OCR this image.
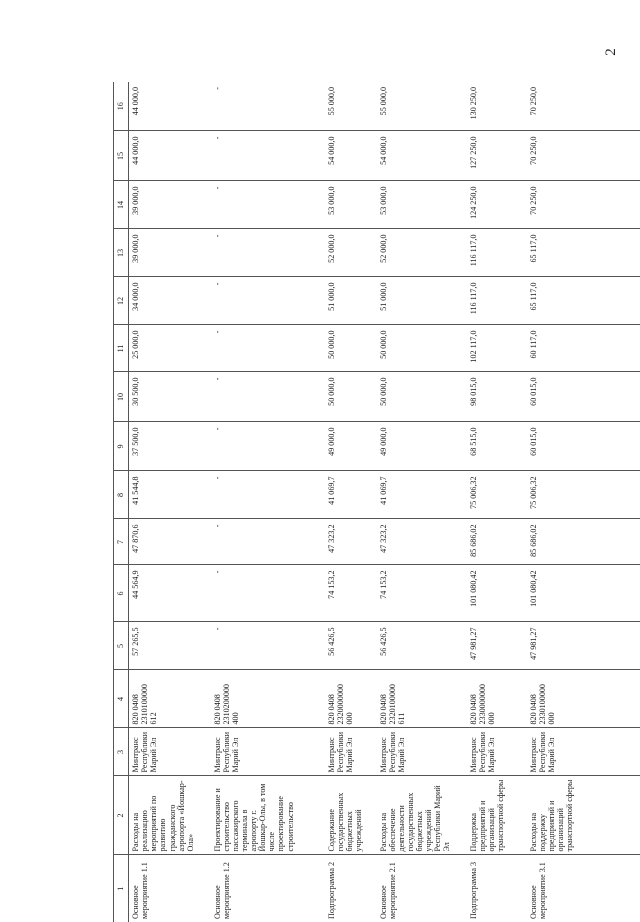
2
1	2	3	4	5	6	7	8	9	10	11	12	13	14	15	16
Основное мероприятие 1.1	Расходы на реализацию мероприятий по развитию гражданского аэропорта «Йошкар-Ола»	Минтранс Республики Марий Эл	820 0408 2310100000 612	57 265,5	44 564,9	47 870,6	41 544,8	37 500,0	30 500,0	25 000,0	34 000,0	39 000,0	39 000,0	44 000,0	44 000,0
Основное мероприятие 1.2	Проектирование и строительство пассажирского терминала в аэропорту г. Йошкар-Олы, в том числе проектирование строительство	Минтранс Республики Марий Эл	820 0408 2310200000 400	-	-	-	-	-	-	-	-	-	-	-	-

Подпрограмма 2	Содержание государственных бюджетных учреждений	Минтранс Республики Марий Эл	820 0408 2320000000 000	56 426,5	74 153,2	47 323,2	41 069,7	49 000,0	50 000,0	50 000,0	51 000,0	52 000,0	53 000,0	54 000,0	55 000,0
Основное мероприятие 2.1	Расходы на обеспечение деятельности государственных бюджетных учреждений Республики Марий Эл	Минтранс Республики Марий Эл	820 0408 2320100000 611	56 426,5	74 153,2	47 323,2	41 069,7	49 000,0	50 000,0	50 000,0	51 000,0	52 000,0	53 000,0	54 000,0	55 000,0
Подпрограмма 3	Поддержка предприятий и организаций транспортной сферы	Минтранс Республики Марий Эл	820 0408 2330000000 000	47 981,27	101 080,42	85 686,02	75 006,32	68 515,0	98 015,0	102 117,0	116 117,0	116 117,0	124 250,0	127 250,0	130 250,0
Основное мероприятие 3.1	Расходы на поддержку предприятий и организаций транспортной сферы	Минтранс Республики Марий Эл	820 0408 2330100000 000	47 981,27	101 080,42	85 686,02	75 006,32	60 015,0	60 015,0	60 117,0	65 117,0	65 117,0	70 250,0	70 250,0	70 250,0
